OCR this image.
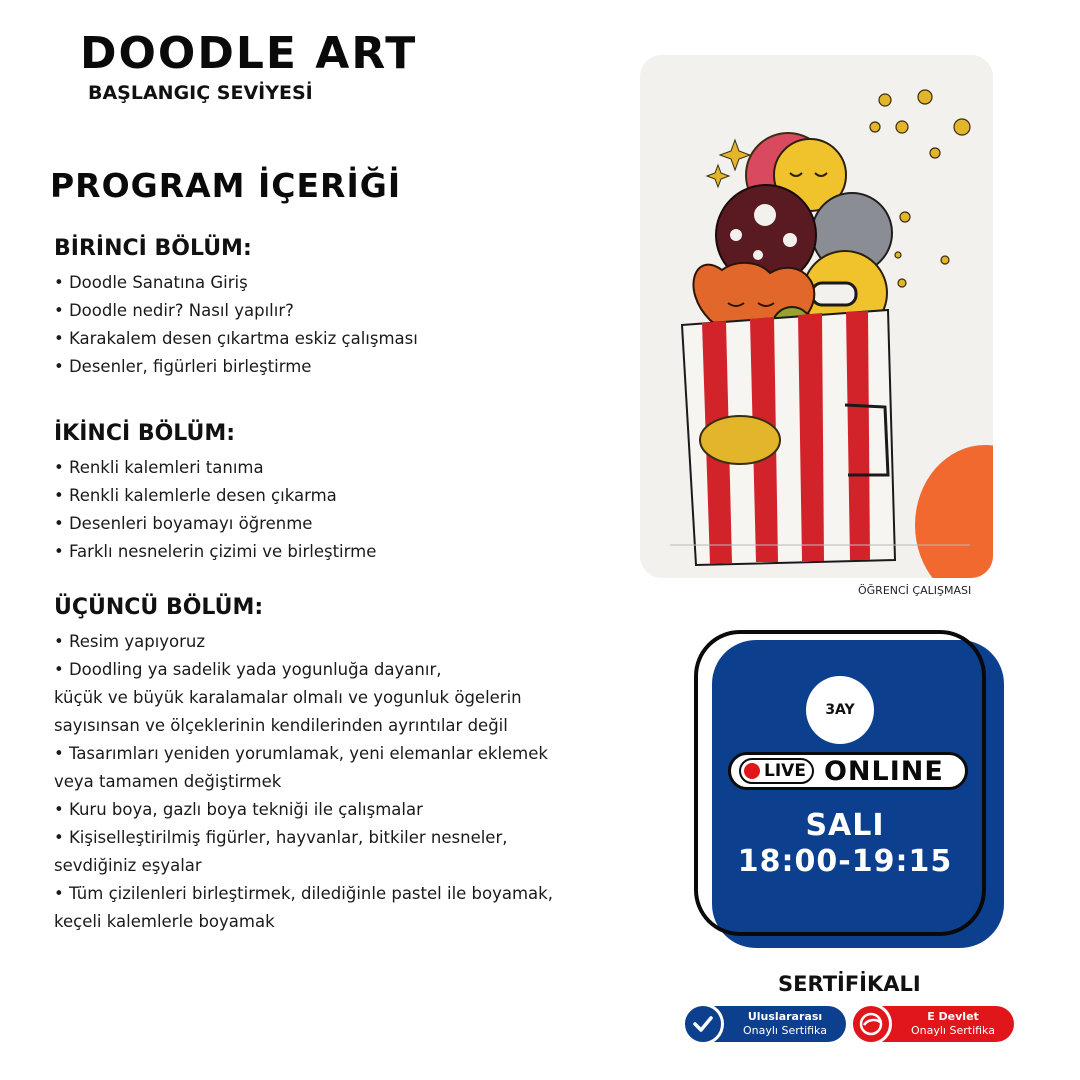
DOODLE ART
BAŞLANGIÇ SEVİYESİ
PROGRAM İÇERİĞİ
BİRİNCİ BÖLÜM:
• Doodle Sanatına Giriş
• Doodle nedir? Nasıl yapılır?
• Karakalem desen çıkartma eskiz çalışması
• Desenler, figürleri birleştirme
İKİNCİ BÖLÜM:
• Renkli kalemleri tanıma
• Renkli kalemlerle desen çıkarma
• Desenleri boyamayı öğrenme
• Farklı nesnelerin çizimi ve birleştirme
ÜÇÜNCÜ BÖLÜM:
• Resim yapıyoruz
• Doodling ya sadelik yada yogunluğa dayanır,
küçük ve büyük karalamalar olmalı ve yogunluk ögelerin
sayısınsan ve ölçeklerinin kendilerinden ayrıntılar değil
• Tasarımları yeniden yorumlamak, yeni elemanlar eklemek
veya tamamen değiştirmek
• Kuru boya, gazlı boya tekniği ile çalışmalar
• Kişiselleştirilmiş figürler, hayvanlar, bitkiler nesneler,
sevdiğiniz eşyalar
• Tüm çizilenleri birleştirmek, dilediğinle pastel ile boyamak,
keçeli kalemlerle boyamak
ÖĞRENCİ ÇALIŞMASI
3AY
LIVE ONLINE
SALI
18:00-19:15
SERTİFİKALI
Uluslararası
Onaylı Sertifika
E Devlet
Onaylı Sertifika
